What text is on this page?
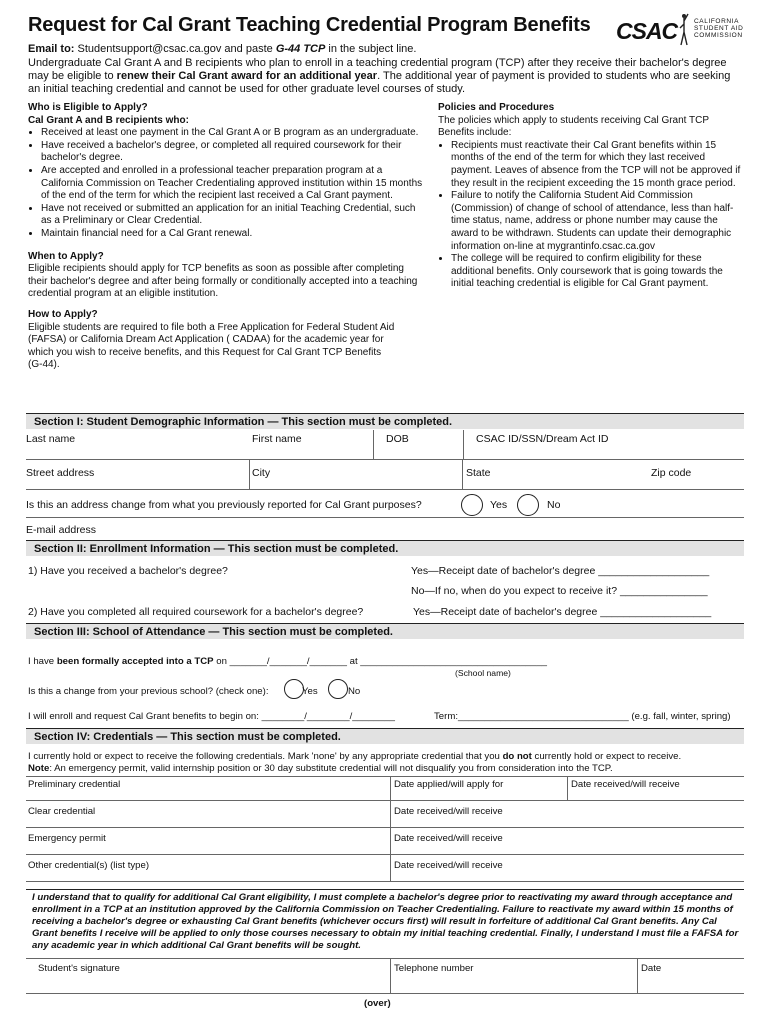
Request for Cal Grant Teaching Credential Program Benefits CSAC	CALIFORNIA
STUDENT AID
COMMISSION
Email to: Studentsupport@csac.ca.gov and paste G-44 TCP in the subject line.
Undergraduate Cal Grant A and B recipients who plan to enroll in a teaching credential program (TCP) after they receive their bachelor's degree may be eligible to renew their Cal Grant award for an additional year. The additional year of payment is provided to students who are seeking an initial teaching credential and cannot be used for other graduate level courses of study.
Who is Eligible to Apply?
Cal Grant A and B recipients who:
• Received at least one payment in the Cal Grant A or B program as an undergraduate.
• Have received a bachelor's degree, or completed all required coursework for their bachelor's degree.
• Are accepted and enrolled in a professional teacher preparation program at a California Commission on Teacher Credentialing approved institution within 15 months of the end of the term for which the recipient last received a Cal Grant payment.
• Have not received or submitted an application for an initial Teaching Credential, such as a Preliminary or Clear Credential.
• Maintain financial need for a Cal Grant renewal.
When to Apply?
Eligible recipients should apply for TCP benefits as soon as possible after completing their bachelor's degree and after being formally or conditionally accepted into a teaching credential program at an eligible institution.
How to Apply?
Eligible students are required to file both a Free Application for Federal Student Aid (FAFSA) or California Dream Act Application ( CADAA) for the academic year for which you wish to receive benefits, and this Request for Cal Grant TCP Benefits (G-44).
Policies and Procedures
The policies which apply to students receiving Cal Grant TCP Benefits include:
• Recipients must reactivate their Cal Grant benefits within 15 months of the end of the term for which they last received payment. Leaves of absence from the TCP will not be approved if they result in the recipient exceeding the 15 month grace period.
• Failure to notify the California Student Aid Commission (Commission) of change of school of attendance, less than half-time status, name, address or phone number may cause the award to be withdrawn. Students can update their demographic information on-line at mygrantinfo.csac.ca.gov
• The college will be required to confirm eligibility for these additional benefits. Only coursework that is going towards the initial teaching credential is eligible for Cal Grant payment.
Section I: Student Demographic Information — This section must be completed.
Last name	First name	DOB	CSAC ID/SSN/Dream Act ID
Street address	City	State	Zip code
Is this an address change from what you previously reported for Cal Grant purposes?	Yes	No
E-mail address
Section II: Enrollment Information — This section must be completed.
1) Have you received a bachelor's degree?	Yes—Receipt date of bachelor's degree ___________________
No—If no, when do you expect to receive it? _______________
2) Have you completed all required coursework for a bachelor's degree?	Yes—Receipt date of bachelor's degree ___________________
Section III: School of Attendance — This section must be completed.
I have been formally accepted into a TCP on _______/_______/_______ at ___________________________________
(School name)
Is this a change from your previous school? (check one):	Yes	No
I will enroll and request Cal Grant benefits to begin on: ________/________/________	Term:________________________________ (e.g. fall, winter, spring)
Section IV: Credentials — This section must be completed.
I currently hold or expect to receive the following credentials. Mark 'none' by any appropriate credential that you do not currently hold or expect to receive.
Note: An emergency permit, valid internship position or 30 day substitute credential will not disqualify you from consideration into the TCP.
Preliminary credential	Date applied/will apply for	Date received/will receive
Clear credential	Date received/will receive
Emergency permit	Date received/will receive
Other credential(s) (list type)	Date received/will receive
I understand that to qualify for additional Cal Grant eligibility, I must complete a bachelor's degree prior to reactivating my award through acceptance and enrollment in a TCP at an institution approved by the California Commission on Teacher Credentialing. Failure to reactivate my award within 15 months of receiving a bachelor's degree or exhausting Cal Grant benefits (whichever occurs first) will result in forfeiture of additional Cal Grant benefits. Any Cal Grant benefits I receive will be applied to only those courses necessary to obtain my initial teaching credential. Finally, I understand I must file a FAFSA for any academic year in which additional Cal Grant benefits will be sought.
Student's signature	Telephone number	Date
(over)
